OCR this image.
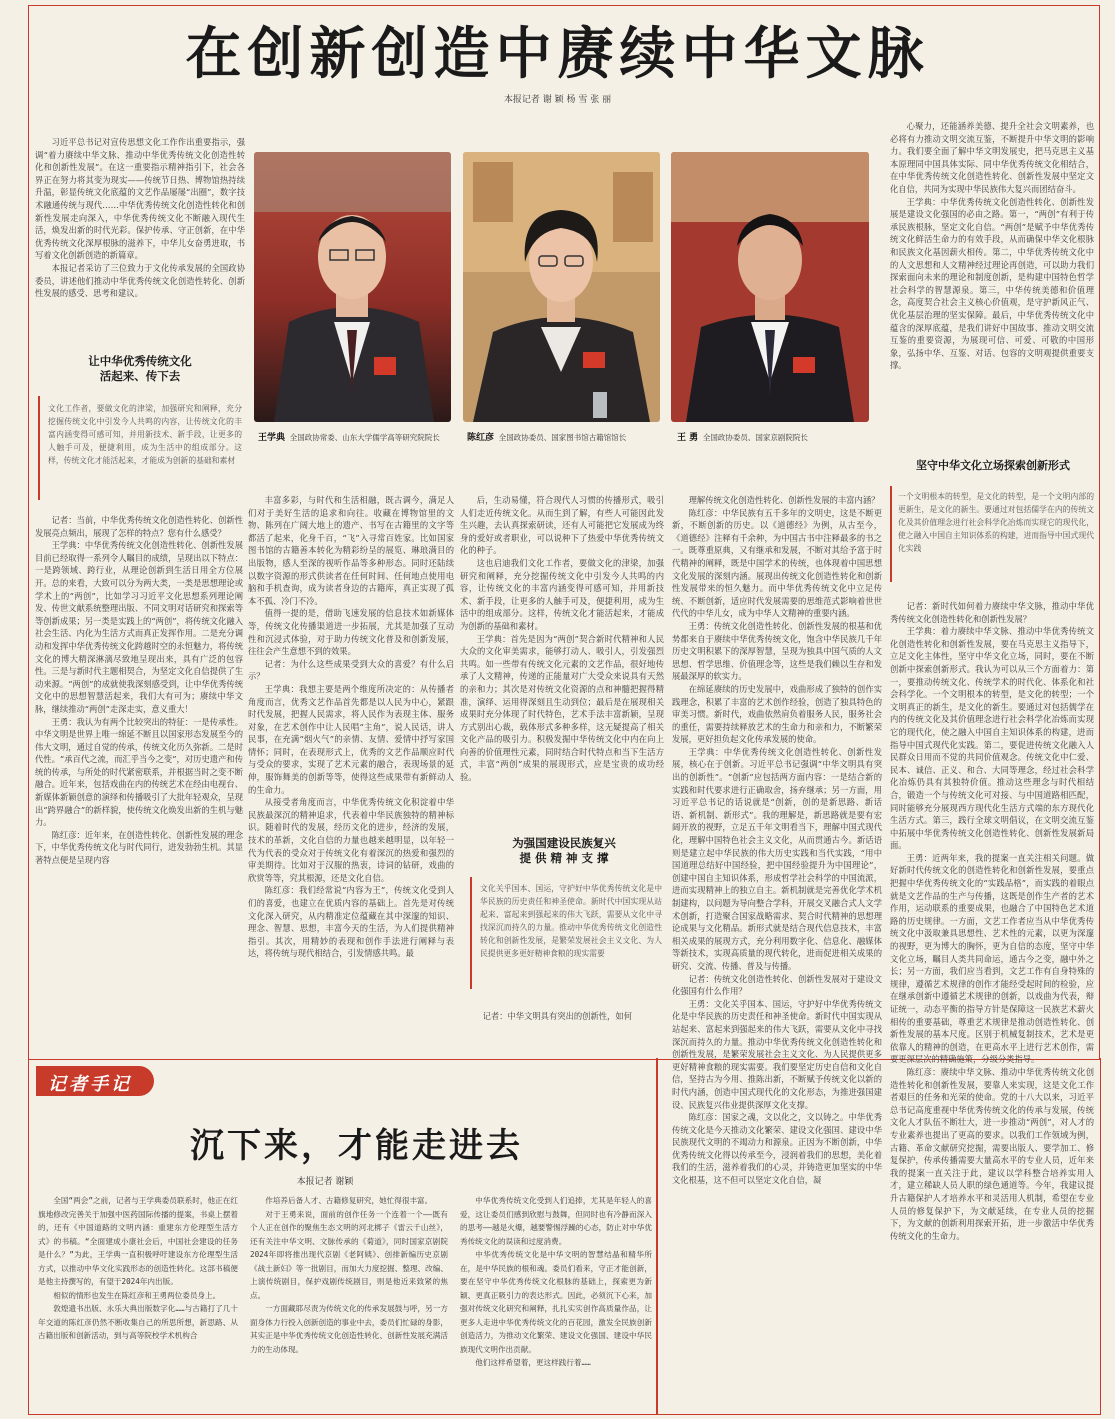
在创新创造中赓续中华文脉
本报记者 谢 颖 杨 雪 张 丽

习近平总书记对宣传思想文化工作作出重要指示，强调“着力赓续中华文脉、推动中华优秀传统文化创造性转化和创新性发展”。在这一重要指示精神指引下，社会各界正在努力将其变为现实——传统节日热、博物馆热持续升温，彰显传统文化底蕴的文艺作品屡屡“出圈”，数字技术融通传统与现代……中华优秀传统文化创造性转化和创新性发展走向深入，中华优秀传统文化不断融入现代生活，焕发出新的时代光彩。保护传承、守正创新，在中华优秀传统文化深厚根脉的滋养下，中华儿女奋勇进取，书写着文化创新创造的新篇章。

本报记者采访了三位致力于文化传承发展的全国政协委员，讲述他们推动中华优秀传统文化创造性转化、创新性发展的感受、思考和建议。

让中华优秀传统文化
活起来、传下去
文化工作者，要做文化的津梁，加强研究和阐释，充分挖掘传统文化中引发今人共鸣的内容，让传统文化的丰富内涵变得可感可知，并用新技术、新手段，让更多的人触手可及，便捷利用，成为生活中的组成部分。这样，传统文化才能活起来，才能成为创新的基础和素材
王学典 全国政协常委、山东大学儒学高等研究院院长	陈红彦 全国政协委员、国家图书馆古籍馆馆长	王 勇 全国政协委员、国家京剧院院长

记者：当前，中华优秀传统文化创造性转化、创新性发展亮点频出，展现了怎样的特点？您有什么感受？

王学典：中华优秀传统文化创造性转化、创新性发展目前已经取得一系列令人瞩目的成绩，呈现出以下特点：一是跨领域、跨行业，从理论创新到生活日用全方位展开。总的来看，大致可以分为两大类，一类是思想理论或学术上的“两创”，比如学习习近平文化思想系列理论阐发、传世文献系统整理出版、不同文明对话研究和探索等等创新成果；另一类是实践上的“两创”，将传统文化融入社会生活、内化为生活方式而真正发挥作用。二是充分调动和发挥中华优秀传统文化跨越时空的永恒魅力，将传统文化的博大精深淋漓尽致地呈现出来，具有广泛的包容性。三是与新时代主题相契合，为坚定文化自信提供了生动来源。“两创”的成就使我深刻感受到，让中华优秀传统文化中的思想智慧活起来，我们大有可为；赓续中华文脉，继续推动“两创”走深走实，意义重大！

王勇：我认为有两个比较突出的特征：一是传承性。中华文明是世界上唯一绵延不断且以国家形态发展至今的伟大文明，通过自觉的传承，传统文化历久弥新。二是时代性。“承百代之流，而汇乎当今之变”，对历史遗产和传统的传承，与所处的时代紧密联系，并根据当时之变不断融合。近年来，包括戏曲在内的传统艺术在经由电视台、新媒体新颖创意的演绎和传播吸引了大批年轻观众，呈现出“跨界融合”的新样貌，使传统文化焕发出新的生机与魅力。

陈红彦：近年来，在创造性转化、创新性发展的理念下，中华优秀传统文化与时代同行，进发勃勃生机。其显著特点便是呈现内容

丰富多彩，与时代和生活相融，既古调今，满足人们对于美好生活的追求和向往。收藏在博物馆里的文物、陈列在广阔大地上的遗产、书写在古籍里的文字等都活了起来，化身千百，“飞”入寻常百姓家。比如国家图书馆的古籍善本转化为精彩纷呈的展览、琳琅满目的出版物，感人至深的视听作品等多种形态。同时还陆续以数字资源的形式供读者在任何时间、任何地点使用电脑和手机查询，成为读者身边的古籍库，真正实现了孤本不孤、冷门不冷。

值得一提的是，借助飞速发展的信息技术如新媒体等，传统文化传播渠道进一步拓展，尤其是加强了互动性和沉浸式体验，对于助力传统文化普及和创新发展，往往会产生意想不到的效果。

记者：为什么这些成果受到大众的喜爱？有什么启示？

王学典：我想主要是两个维度所决定的：从传播者角度而言，优秀文艺作品首先都是以人民为中心，紧跟时代发展，把握人民需求，将人民作为表现主体、服务对象，在艺术创作中让人民唱“主角”，说人民话，讲人民事，在充满“烟火气”的亲情、友情、爱情中抒写家国情怀；同时，在表现形式上，优秀的文艺作品顺应时代与受众的要求，实现了艺术元素的融合，表现场景的延伸，服饰舞美的创新等等，使得这些成果带有新鲜动人的生命力。

从接受者角度而言，中华优秀传统文化积淀着中华民族最深沉的精神追求，代表着中华民族独特的精神标识。随着时代的发展，经历文化的进步，经济的发展，技术的革新，文化自信的力量也越来越明显，以年轻一代为代表的受众对于传统文化有着深沉的热爱和强烈的审美期待。比如对于汉服的热衷，诗词的钻研，戏曲的欣赏等等，究其根源，还是文化自信。

陈红彦：我们经常说“内容为王”，传统文化受到人们的喜爱，也建立在优质内容的基础上。首先是对传统文化深入研究，从内精准定位蕴藏在其中深邃的知识、理念、智慧、思想，丰富今天的生活，为人们提供精神指引。其次，用精妙的表现和创作手法进行阐释与表达，将传统与现代相结合，引发情感共鸣。最

后，生动易懂，符合现代人习惯的传播形式，吸引人们走近传统文化。从而生到了解，有些人可能因此发生兴趣，去认真探索研读，还有人可能把它发展成为终身的爱好或者职业，可以说种下了热爱中华优秀传统文化的种子。

这也启迪我们文化工作者，要做文化的津梁，加强研究和阐释，充分挖掘传统文化中引发今人共鸣的内容，让传统文化的丰富内涵变得可感可知，并用新技术、新手段，让更多的人触手可及，便捷利用，成为生活中的组成部分。这样，传统文化才能活起来，才能成为创新的基础和素材。

王学典：首先是因为“两创”契合新时代精神和人民大众的文化审美需求，能够打动人、吸引人，引发强烈共鸣。如一些带有传统文化元素的文艺作品，很好地传承了人文精神，传递的正能量对广大受众来说具有天然的亲和力；其次是对传统文化资源的点和神髓把握得精准，演绎、运用得深刻且生动到位；最后是在展现相关成果时充分体现了时代特色，艺术手法丰富新颖，呈现方式别出心裁，载体形式多种多样，这无疑提高了相关文化产品的吸引力。积极发掘中华传统文化中内在向上向善的价值理性元素，同时结合时代特点和当下生活方式，丰富“两创”成果的展现形式，应是宝贵的成功经验。

为强国建设民族复兴
提 供 精 神 支 撑
文化关乎国本、国运，守护好中华优秀传统文化是中华民族的历史责任和神圣使命。新时代中国实现从站起来、富起来到强起来的伟大飞跃，需要从文化中寻找深沉而持久的力量。推动中华优秀传统文化创造性转化和创新性发展，是繁荣发展社会主义文化、为人民提供更多更好精神食粮的现实需要

记者：中华文明具有突出的创新性，如何

理解传统文化创造性转化、创新性发展的丰富内涵？

陈红彦：中华民族有五千多年的文明史，这是不断更新，不断创新的历史。以《道德经》为例，从古至今，《道德经》注释有千余种，为中国古书中注释最多的书之一。既尊重原典，又有继承和发展，不断对其给予富于时代精神的阐释，既是中国学术的传统，也体现着中国思想文化发展的深刻内涵。展现出传统文化创造性转化和创新性发展带来的恒久魅力。而中华优秀传统文化中立足传统、不断创新，适应时代发展需要的思维范式影响着世世代代的中华儿女，成为中华人文精神的重要内涵。

王勇：传统文化创造性转化、创新性发展的根基和优势都来自于赓续中华优秀传统文化，饱含中华民族几千年历史文明积累下的深厚智慧，呈现为独具中国气质的人文思想、哲学思维、价值理念等，这些是我们赖以生存和发展最深厚的软实力。

在绵延赓续的历史发展中，戏曲形成了独特的创作实践理念，积累了丰富的艺术创作经验，创造了独具特色的审美习惯。新时代，戏曲依然肩负着服务人民，服务社会的重任，需要持续释放艺术的生命力和亲和力，不断繁荣发展，更好担负起文化传承发展的使命。

王学典：中华优秀传统文化创造性转化、创新性发展，核心在于创新。习近平总书记强调“中华文明具有突出的创新性”。“创新”应包括两方面内容：一是结合新的实践和时代要求进行正确取舍，扬弃继承；另一方面，用习近平总书记的话说就是“创新，创的是新思路、新话语、新机制、新形式”。我的理解是，新思路就是要有宏阔开放的视野，立足五千年文明看当下，理解中国式现代化，理解中国特色社会主义文化，从而贯通古今。新话语则是建立起中华民族的伟大历史实践和当代实践，“用中国道理总结好中国经验，把中国经验提升为中国理论”，创建中国自主知识体系，形成哲学社会科学的中国流派，进而实现精神上的独立自主。新机制就是完善优化学术机制建构，以问题为导向整合学科，开展交叉融合式人文学术创新，打造聚合国家战略需求、契合时代精神的思想理论成果与文化精品。新形式就是结合现代信息技术，丰富相关成果的展现方式，充分利用数字化、信息化、融媒体等新技术，实现高质量的现代转化，进而促进相关成果的研究、交流、传播、普及与传播。

记者：传统文化创造性转化、创新性发展对于建设文化强国有什么作用？

王勇：文化关乎国本、国运，守护好中华优秀传统文化是中华民族的历史责任和神圣使命。新时代中国实现从站起来、富起来到强起来的伟大飞跃，需要从文化中寻找深沉而持久的力量。推动中华优秀传统文化创造性转化和创新性发展，是繁荣发展社会主义文化、为人民提供更多更好精神食粮的现实需要。我们要坚定历史自信和文化自信，坚持古为今用、推陈出新，不断赋予传统文化以新的时代内涵，创造中国式现代化的文化形态，为推进强国建设、民族复兴伟业提供深厚文化支撑。

陈红彦：国家之魂，文以化之，文以铸之。中华优秀传统文化是今天推动文化繁荣、建设文化强国、建设中华民族现代文明的不竭动力和源泉。正因为不断创新，中华优秀传统文化得以传承至今，浸润着我们的思想，美化着我们的生活，滋养着我们的心灵，并铸造更加坚实的中华文化根基，这不但可以坚定文化自信，凝

心聚力，还能涵养美德、提升全社会文明素养，也必将有力推动文明交流互鉴，不断提升中华文明的影响力。我们要全面了解中华文明发展史，把马克思主义基本原理同中国具体实际、同中华优秀传统文化相结合，在中华优秀传统文化创造性转化、创新性发展中坚定文化自信，共同为实现中华民族伟大复兴而团结奋斗。

王学典：中华优秀传统文化创造性转化、创新性发展是建设文化强国的必由之路。第一，“两创”有利于传承民族根脉，坚定文化自信。“两创”是赋予中华优秀传统文化鲜活生命力的有效手段，从而确保中华文化根脉和民族文化基因薪火相传。第二，中华优秀传统文化中的人文思想和人文精神经过理论再创造，可以助力我们探索面向未来的理论和制度创新，是构建中国特色哲学社会科学的智慧源泉。第三，中华传统美德和价值理念，高度契合社会主义核心价值观，是守护新风正气、优化基层治理的坚实保障。最后，中华优秀传统文化中蕴含的深厚底蕴，是我们讲好中国故事、推动文明交流互鉴的重要资源，为展现可信、可爱、可敬的中国形象，弘扬中华、互鉴、对话、包容的文明观提供重要支撑。

坚守中华文化立场探索创新形式
一个文明根本的转型，是文化的转型，是一个文明内部的更新生，是文化的新生。要通过对包括儒学在内的传统文化及其价值理念进行社会科学化冶炼而实现它的现代化，使之融入中国自主知识体系的构建，进而指导中国式现代化实践

记者：新时代如何着力赓续中华文脉，推动中华优秀传统文化创造性转化和创新性发展？

王学典：着力赓续中华文脉、推动中华优秀传统文化创造性转化和创新性发展，要在马克思主义指导下，立足文化主体性，坚守中华文化立场，同时，要在不断创新中探索创新形式。我认为可以从三个方面着力：第一，要推动传统文化、传统学术的时代化、体系化和社会科学化。一个文明根本的转型，是文化的转型；一个文明真正的新生，是文化的新生。要通过对包括儒学在内的传统文化及其价值理念进行社会科学化冶炼而实现它的现代化，使之融入中国自主知识体系的构建，进而指导中国式现代化实践。第二，要促进传统文化融入人民群众日用而不觉的共同价值观念。传统文化中仁爱、民本、诚信、正义、和合、大同等理念，经过社会科学化冶炼仍具有其独特价值。推动这些理念与时代相结合，锻造一个与传统文化可对接、与中国道路相匹配，同时能够充分展现西方现代化生活方式端的东方现代化生活方式。第三，践行全球文明倡议，在文明交流互鉴中拓展中华优秀传统文化创造性转化、创新性发展新局面。

王勇：近两年来，我的提案一直关注相关问题。做好新时代传统文化的创造性转化和创新性发展，要重点把握中华优秀传统文化的“实践品格”，而实践的着眼点就是文艺作品的生产与传播，这既是创作生产者的艺术作用，运动联系的重要成果，也融合了中国特色艺术道路的历史规律。一方面，文艺工作者应当从中华优秀传统文化中汲取兼具思想性、艺术性的元素，以更为深邃的视野，更为博大的胸怀，更为自信的态度，坚守中华文化立场，瞩目人类共同命运，通古今之变，融中外之长；另一方面，我们应当看到，文艺工作有自身特殊的规律，遵循艺术规律的创作才能经受起时间的检验，应在继承创新中遵循艺术规律的创新，以戏曲为代表，辩证统一，动态平衡的指导方针是保障这一民族艺术薪火相传的重要基础，尊重艺术规律是推动创造性转化、创新性发展的基本尺度。区别于机械复制技术，艺术是更依靠人的精神的创造，在更高水平上进行艺术创作，需要更深层次的精确施策，分级分类指导。

陈红彦：赓续中华文脉、推动中华优秀传统文化创造性转化和创新性发展，要靠人来实现，这是文化工作者艰巨的任务和光荣的使命。党的十八大以来，习近平总书记高度重视中华优秀传统文化的传承与发展，传统文化人才队伍不断壮大，进一步推动“两创”，对人才的专业素养也提出了更高的要求。以我们工作领域为例，古籍、革命文献研究挖掘，需要出版人、要学加工、修复保护，传承传播需要大量高水平的专业人员，近年来我的提案一直关注于此，建议以学科整合培养实用人才，建立稀缺人员人职的绿色通道等。今年，我建议提升古籍保护人才培养水平和灵活用人机制，希望在专业人员的修复保护下，为文献延续，在专业人员的挖掘下，为文献的创新利用探索开拓，进一步激活中华优秀传统文化的生命力。

记者手记
沉下来，才能走进去
本报记者 谢颖

全国“两会”之前，记者与王学典委员联系时，他正在红旗地修改完善关于加强中医药国际传播的提案，书桌上摆着的，还有《中国道路的文明内涵：重建东方伦理型生活方式》的书稿。“全面建成小康社会后，中国社会建设的任务是什么？”为此，王学典一直积极呼吁建设东方伦理型生活方式，以推动中华文化实践形态的创造性转化。这部书稿便是他主持撰写的，有望于2024年内出版。

相似的情形也发生在陈红彦和王勇两位委员身上。

敦煌遗书出版、永乐大典出版数字化……与古籍打了几十年交道的陈红彦仍然不断收集自己的所思所想，新思路、从古籍出版和创新活动，到与高等院校学术机构合

作培养后备人才、古籍修复研究，她忙得很丰富。

对于王勇来说，面前的创作任务一个连着一个——既有个人正在创作的聚焦生态文明的河北梆子《雷云千山丝》，还有关注中华文明、文脉传承的《菊道》，同时国家京剧院2024年即将推出现代京剧《老阿姨》、创排新编历史京剧《战土新妇》等一批剧目，而加大力度挖掘、整理、改编、上演传统剧目，保护戏剧传统剧目，则是他近来致紧的焦点。

一方面藏耶尽责为传统文化的传承发展鼓与呼，另一方面身体力行投入创新创造的事业中去，委员们忙碌的身影，其实正是中华优秀传统文化创造性转化、创新性发展充满活力的生动体现。

中华优秀传统文化受到人们追捧，尤其是年轻人的喜爱，这让委员们感到欣慰与鼓舞，但同时也有冷静而深入的思考——越是火爆，越要警惕浮躁的心态，防止对中华优秀传统文化的误读和过度消费。

中华优秀传统文化是中华文明的智慧结晶和精华所在，是中华民族的根和魂。委员们看来，守正才能创新，要在坚守中华优秀传统文化根脉的基础上，探索更为新颖、更真正吸引力的表达形式。因此，必须沉下心来，加强对传统文化研究和阐释，扎扎实实创作高质量作品，让更多人走进中华优秀传统文化的百花园，激发全民族创新创造活力，为推动文化繁荣、建设文化强国、建设中华民族现代文明作出贡献。

他们这样希望着，更这样践行着……
